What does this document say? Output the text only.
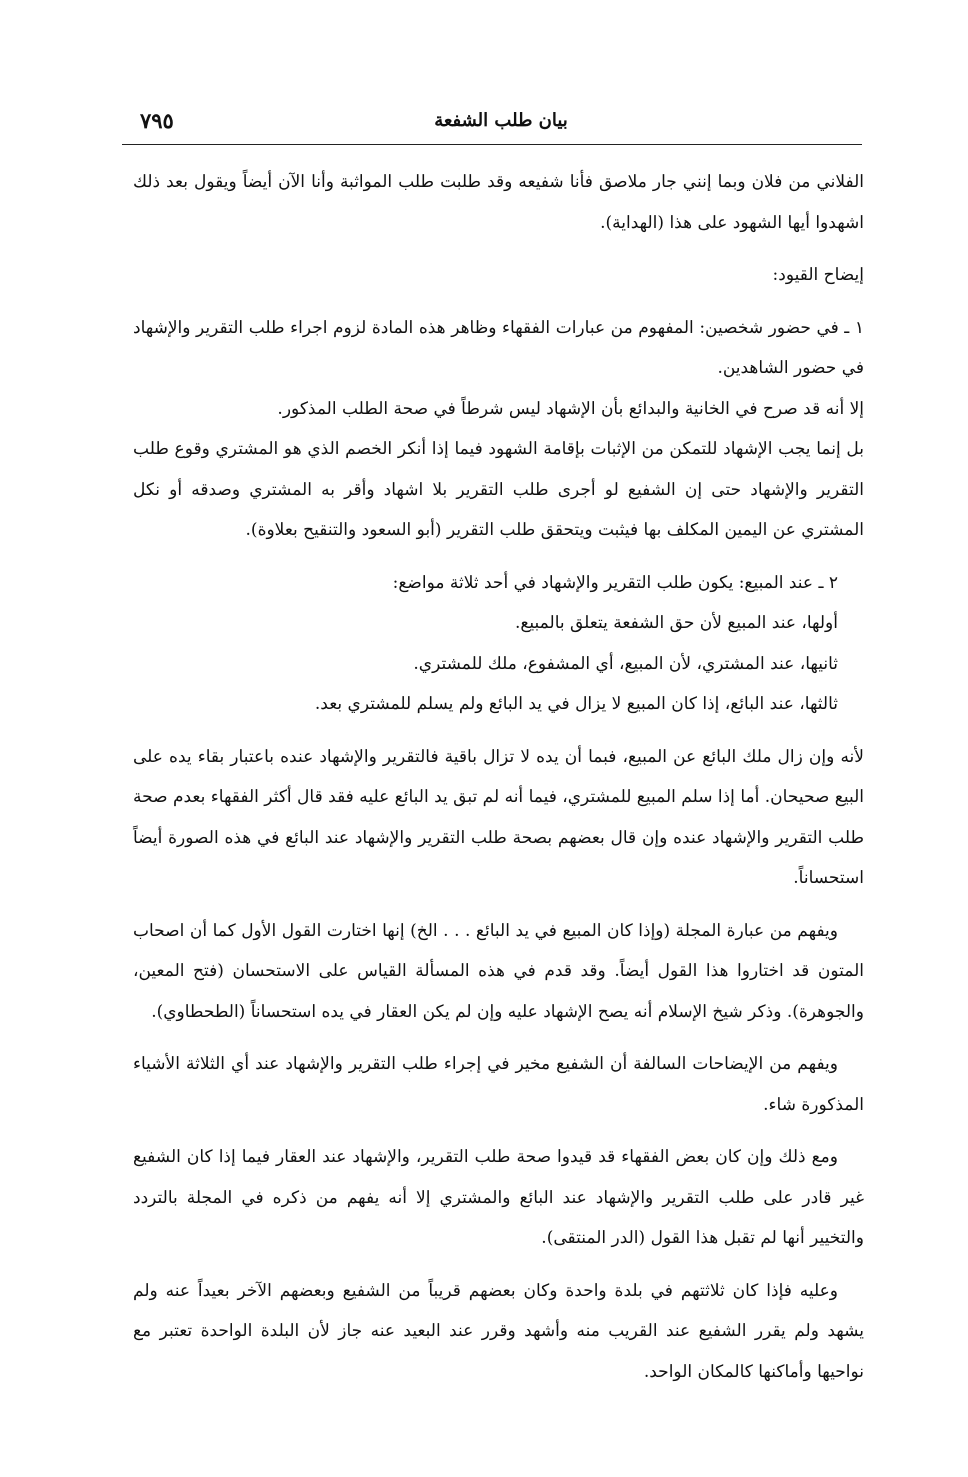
٧٩٥	بيان طلب الشفعة

الفلاني من فلان وبما إنني جار ملاصق فأنا شفيعه وقد طلبت طلب المواثبة وأنا الآن أيضاً ويقول بعد ذلك اشهدوا أيها الشهود على هذا (الهداية).

إيضاح القيود:

١ ـ في حضور شخصين: المفهوم من عبارات الفقهاء وظاهر هذه المادة لزوم اجراء طلب التقرير والإشهاد في حضور الشاهدين.

إلا أنه قد صرح في الخانية والبدائع بأن الإشهاد ليس شرطاً في صحة الطلب المذكور.

بل إنما يجب الإشهاد للتمكن من الإثبات بإقامة الشهود فيما إذا أنكر الخصم الذي هو المشتري وقوع طلب التقرير والإشهاد حتى إن الشفيع لو أجرى طلب التقرير بلا اشهاد وأقر به المشتري وصدقه أو نكل المشتري عن اليمين المكلف بها فيثبت ويتحقق طلب التقرير (أبو السعود والتنقيح بعلاوة).

٢ ـ عند المبيع: يكون طلب التقرير والإشهاد في أحد ثلاثة مواضع:

أولها، عند المبيع لأن حق الشفعة يتعلق بالمبيع.

ثانيها، عند المشتري، لأن المبيع، أي المشفوع، ملك للمشتري.

ثالثها، عند البائع، إذا كان المبيع لا يزال في يد البائع ولم يسلم للمشتري بعد.

لأنه وإن زال ملك البائع عن المبيع، فبما أن يده لا تزال باقية فالتقرير والإشهاد عنده باعتبار بقاء يده على البيع صحيحان. أما إذا سلم المبيع للمشتري، فيما أنه لم تبق يد البائع عليه فقد قال أكثر الفقهاء بعدم صحة طلب التقرير والإشهاد عنده وإن قال بعضهم بصحة طلب التقرير والإشهاد عند البائع في هذه الصورة أيضاً استحساناً.

ويفهم من عبارة المجلة (وإذا كان المبيع في يد البائع . . . الخ) إنها اختارت القول الأول كما أن اصحاب المتون قد اختاروا هذا القول أيضاً. وقد قدم في هذه المسألة القياس على الاستحسان (فتح المعين، والجوهرة). وذكر شيخ الإسلام أنه يصح الإشهاد عليه وإن لم يكن العقار في يده استحساناً (الطحطاوي).

ويفهم من الإيضاحات السالفة أن الشفيع مخير في إجراء طلب التقرير والإشهاد عند أي الثلاثة الأشياء المذكورة شاء.

ومع ذلك وإن كان بعض الفقهاء قد قيدوا صحة طلب التقرير، والإشهاد عند العقار فيما إذا كان الشفيع غير قادر على طلب التقرير والإشهاد عند البائع والمشتري إلا أنه يفهم من ذكره في المجلة بالتردد والتخيير أنها لم تقبل هذا القول (الدر المنتقى).

وعليه فإذا كان ثلاثتهم في بلدة واحدة وكان بعضهم قريباً من الشفيع وبعضهم الآخر بعيداً عنه ولم يشهد ولم يقرر الشفيع عند القريب منه وأشهد وقرر عند البعيد عنه جاز لأن البلدة الواحدة تعتبر مع نواحيها وأماكنها كالمكان الواحد.
